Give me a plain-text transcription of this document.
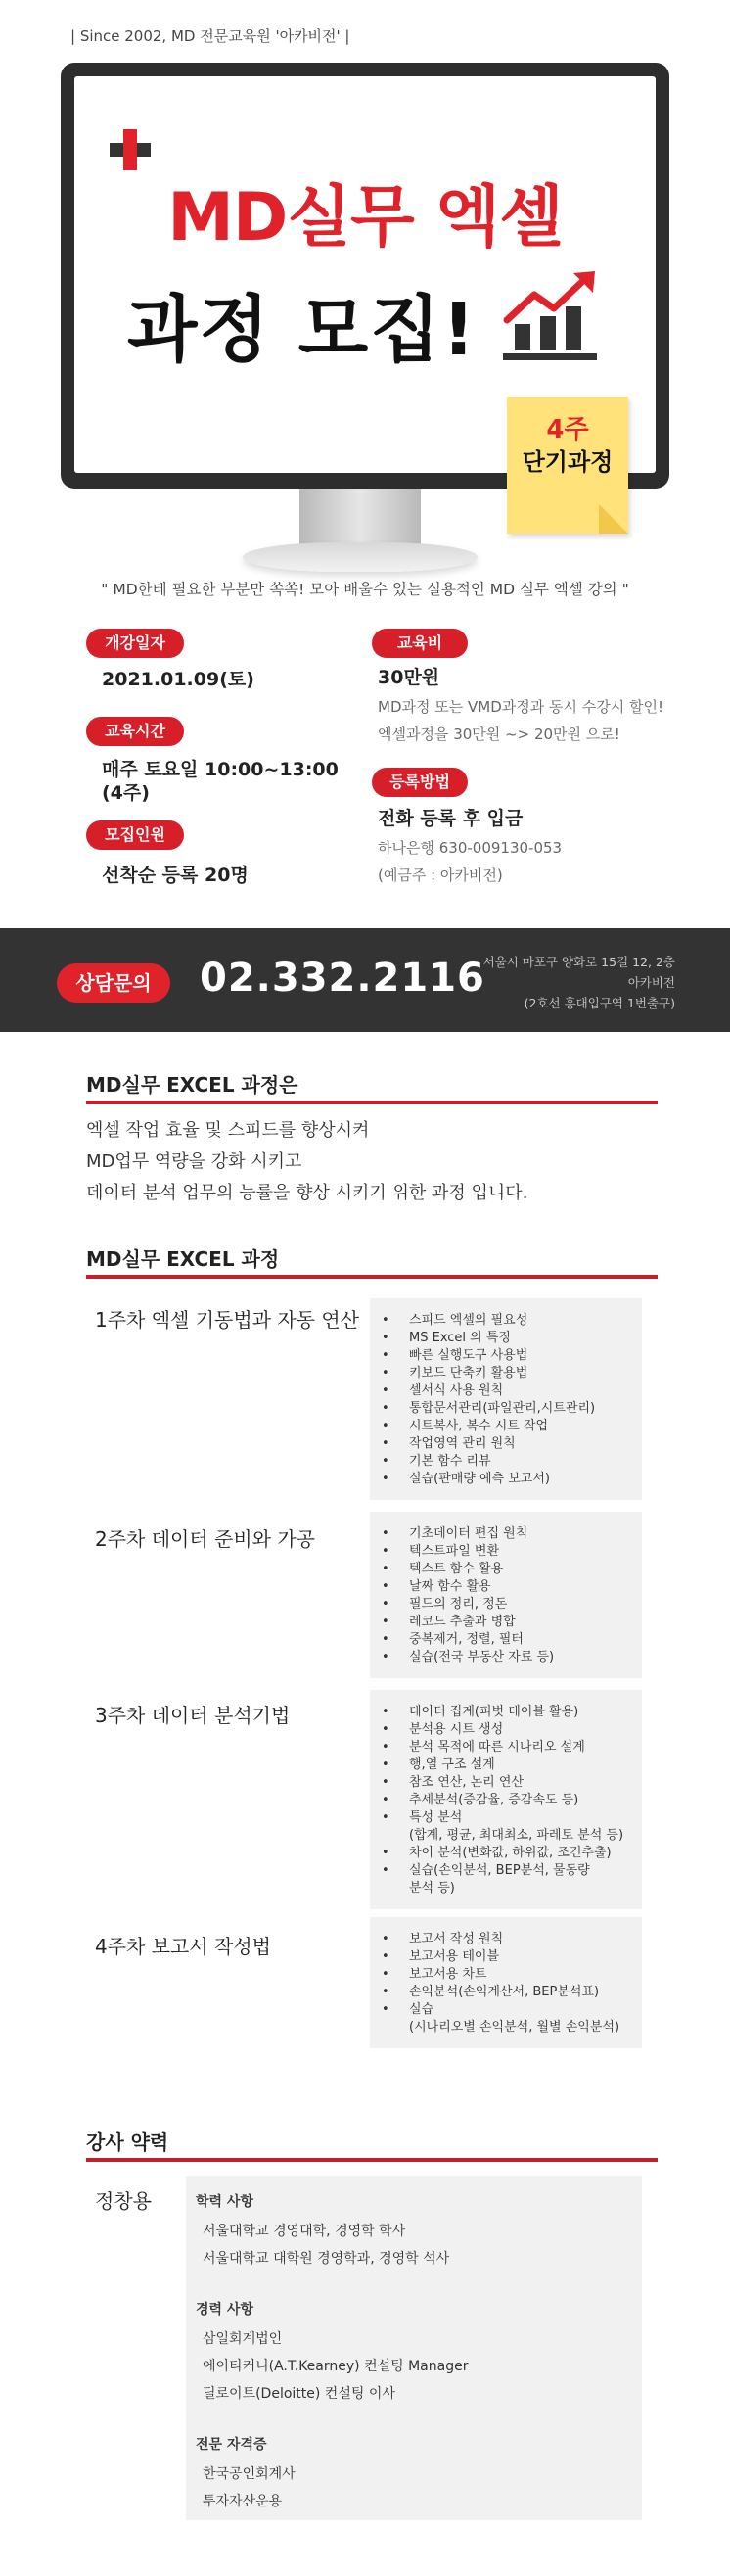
| Since 2002, MD 전문교육원 '아카비전' |
MD실무 엑셀
과정 모집!
4주
단기과정
" MD한테 필요한 부분만 쏙쏙! 모아 배울수 있는 실용적인 MD 실무 엑셀 강의 "
개강일자
2021.01.09(토)
교육시간
매주 토요일 10:00~13:00
(4주)
모집인원
선착순 등록 20명
교육비
30만원
MD과정 또는 VMD과정과 동시 수강시 할인!
엑셀과정을 30만원 ~> 20만원 으로!
등록방법
전화 등록 후 입금
하나은행 630-009130-053
(예금주 : 아카비전)
상담문의	02.332.2116
서울시 마포구 양화로 15길 12, 2층
아카비전
(2호선 홍대입구역 1번출구)
MD실무 EXCEL 과정은
엑셀 작업 효율 및 스피드를 향상시켜
MD업무 역량을 강화 시키고
데이터 분석 업무의 능률을 향상 시키기 위한 과정 입니다.
MD실무 EXCEL 과정
1주차 엑셀 기동법과 자동 연산	• 스피드 엑셀의 필요성
• MS Excel 의 특징
• 빠른 실행도구 사용법
• 키보드 단축키 활용법
• 셀서식 사용 원칙
• 통합문서관리(파일관리,시트관리)
• 시트복사, 복수 시트 작업
• 작업영역 관리 원칙
• 기본 함수 리뷰
• 실습(판매량 예측 보고서)
2주차 데이터 준비와 가공	• 기초데이터 편집 원칙
• 텍스트파일 변환
• 텍스트 함수 활용
• 날짜 함수 활용
• 필드의 정리, 정돈
• 레코드 추출과 병합
• 중복제거, 정렬, 필터
• 실습(전국 부동산 자료 등)
3주차 데이터 분석기법	• 데이터 집계(피벗 테이블 활용)
• 분석용 시트 생성
• 분석 목적에 따른 시나리오 설계
• 행,열 구조 설계
• 참조 연산, 논리 연산
• 추세분석(증감율, 증감속도 등)
• 특성 분석
(합계, 평균, 최대최소, 파레토 분석 등)
• 차이 분석(변화값, 하위값, 조건추출)
• 실습(손익분석, BEP분석, 물동량
분석 등)
4주차 보고서 작성법	• 보고서 작성 원칙
• 보고서용 테이블
• 보고서용 차트
• 손익분석(손익계산서, BEP분석표)
• 실습
(시나리오별 손익분석, 월별 손익분석)
강사 약력
정창용	학력 사항
서울대학교 경영대학, 경영학 학사
서울대학교 대학원 경영학과, 경영학 석사
경력 사항
삼일회계법인
에이티커니(A.T.Kearney) 컨설팅 Manager
딜로이트(Deloitte) 컨설팅 이사
전문 자격증
한국공인회계사
투자자산운용
